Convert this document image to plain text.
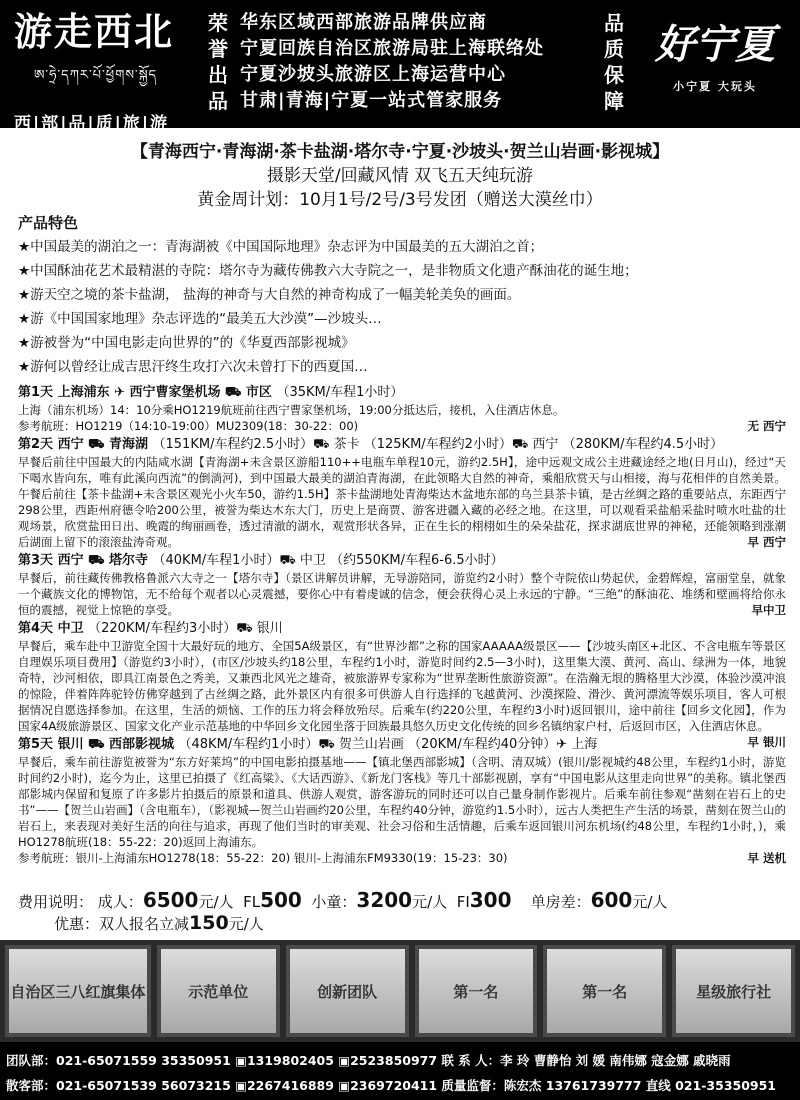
游走西北
ཨ་ཧྲེ་དཀར་པོ་ཕྱོགས་སྐྱོད
西|部|品|质|旅|游
荣
誉
出
品
华东区域西部旅游品牌供应商
宁夏回族自治区旅游局驻上海联络处
宁夏沙坡头旅游区上海运营中心
甘肃|青海|宁夏一站式管家服务
品
质
保
障
好宁夏
小宁夏 大玩头
【青海西宁·青海湖·茶卡盐湖·塔尔寺·宁夏·沙坡头·贺兰山岩画·影视城】
摄影天堂/回藏风情 双飞五天纯玩游
黄金周计划：10月1号/2号/3号发团（赠送大漠丝巾）
产品特色
★中国最美的湖泊之一：青海湖被《中国国际地理》杂志评为中国最美的五大湖泊之首；
★中国酥油花艺术最精湛的寺院：塔尔寺为藏传佛教六大寺院之一，是非物质文化遗产酥油花的诞生地；
★游天空之境的茶卡盐湖， 盐海的神奇与大自然的神奇构成了一幅美轮美奂的画面。
★游《中国国家地理》杂志评选的“最美五大沙漠”—沙坡头…
★游被誉为“中国电影走向世界的”的《华夏西部影视城》
★游何以曾经让成吉思汗终生攻打六次未曾打下的西夏国…
第1天 上海浦东 ✈ 西宁曹家堡机场 ⛟ 市区 （35KM/车程1小时）
上海（浦东机场）14：10分乘HO1219航班前往西宁曹家堡机场，19:00分抵达后，接机，入住酒店休息。
无 西宁
参考航班：HO1219（14:10-19:00）MU2309(18：30-22：00)
第2天 西宁 ⛟ 青海湖 （151KM/车程约2.5小时）⛟ 茶卡 （125KM/车程约2小时）⛟ 西宁 （280KM/车程约4.5小时）
早餐后前往中国最大的内陆咸水湖【青海湖+未含景区游船110++电瓶车单程10元，游约2.5H】，途中远观文成公主进藏途经之地(日月山)，经过“天下喝水皆向东，唯有此溪向西流”的倒淌河)，到中国最大最美的湖泊青海湖，在此领略大自然的神奇，乘船欣赏天与山相接，海与花相伴的自然美景。午餐后前往【茶卡盐湖+未含景区观光小火车50，游约1.5H】茶卡盐湖地处青海柴达木盆地东部的乌兰县茶卡镇，是古丝绸之路的重要站点，东距西宁298公里，西距州府德令哈200公里，被誉为柴达木东大门，历史上是商贾、游客进疆入藏的必经之地。在这里，可以观看采盐船采盐时喷水吐盐的壮观场景，欣赏盐田日出、晚霞的绚丽画卷，透过清澈的湖水，观赏形状各异，正在生长的栩栩如生的朵朵盐花，探求湖底世界的神秘，还能领略到涨潮后湖面上留下的滚滚盐涛奇观。	早 西宁
第3天 西宁 ⛟ 塔尔寺 （40KM/车程1小时）⛟ 中卫 （约550KM/车程6-6.5小时）
早餐后，前往藏传佛教格鲁派六大寺之一【塔尔寺】（景区讲解员讲解，无导游陪同，游览约2小时）整个寺院依山势起伏，金碧辉煌，富丽堂皇，就象一个藏族文化的博物馆，无不给每个观者以心灵震撼，要你心中有着虔诚的信念，便会获得心灵上永远的宁静。“三绝”的酥油花、堆绣和壁画将给你永恒的震撼，视觉上惊艳的享受。	早中卫
第4天 中卫 （220KM/车程约3小时）⛟ 银川
早餐后，乘车赴中卫游览全国十大最好玩的地方、全国5A级景区，有“世界沙都”之称的国家AAAAA级景区——【沙坡头南区+北区、不含电瓶车等景区自理娱乐项目费用】（游览约3小时），(市区/沙坡头约18公里，车程约1小时，游览时间约2.5—3小时)，这里集大漠、黄河、高山、绿洲为一体，地貌奇特，沙河相依，即具江南景色之秀美，又兼西北风光之雄奇，被旅游界专家称为“世界垄断性旅游资源”。在浩瀚无垠的腾格里大沙漠，体验沙漠冲浪的惊险，伴着阵阵驼铃仿佛穿越到了古丝绸之路，此外景区内有很多可供游人自行选择的飞越黄河、沙漠探险、滑沙、黄河漂流等娱乐项目，客人可根据情况自愿选择参加。在这里，生活的烦恼、工作的压力将会释放殆尽。后乘车(约220公里，车程约3小时)返回银川，途中前往【回乡文化园】，作为国家4A级旅游景区、国家文化产业示范基地的中华回乡文化园坐落于回族最具悠久历史文化传统的回乡名镇纳家户村，后返回市区，入住酒店休息。
早 银川
第5天 银川 ⛟ 西部影视城 （48KM/车程约1小时）⛟ 贺兰山岩画 （20KM/车程约40分钟）✈ 上海
早餐后，乘车前往游览被誉为“东方好莱坞”的中国电影拍摄基地——【镇北堡西部影城】（含明、清双城）(银川/影视城约48公里，车程约1小时，游览时间约2小时)，迄今为止，这里已拍摄了《红高粱》、《大话西游》、《新龙门客栈》等几十部影视剧，享有“中国电影从这里走向世界”的美称。镇北堡西部影城内保留和复原了许多影片拍摄后的原景和道具、供游人观赏，游客游玩的同时还可以自己量身制作影视片。后乘车前往参观“凿刻在岩石上的史书”——【贺兰山岩画】（含电瓶车），（影视城—贺兰山岩画约20公里，车程约40分钟，游览约1.5小时），远古人类把生产生活的场景，凿刻在贺兰山的岩石上，来表现对美好生活的向往与追求，再现了他们当时的审美观、社会习俗和生活情趣，后乘车返回银川河东机场(约48公里，车程约1小时，)，乘HO1278航班(18：55-22：20)返回上海浦东。
早 送机
参考航班：银川-上海浦东HO1278(18：55-22：20) 银川-上海浦东FM9330(19：15-23：30)
费用说明： 成人：6500元/人 FL500 小童：3200元/人 FI300 单房差：600元/人
优惠：双人报名立减150元/人
自治区三八红旗集体	示范单位	创新团队	第一名	第一名	星级旅行社
团队部：021-65071559 35350951 ▣1319802405 ▣2523850977 联 系 人：李 玲 曹静怡 刘 媛 南伟娜 寇金娜 戚晓雨
散客部：021-65071539 56073215 ▣2267416889 ▣2369720411 质量监督：陈宏杰 13761739777 直线 021-35350951
